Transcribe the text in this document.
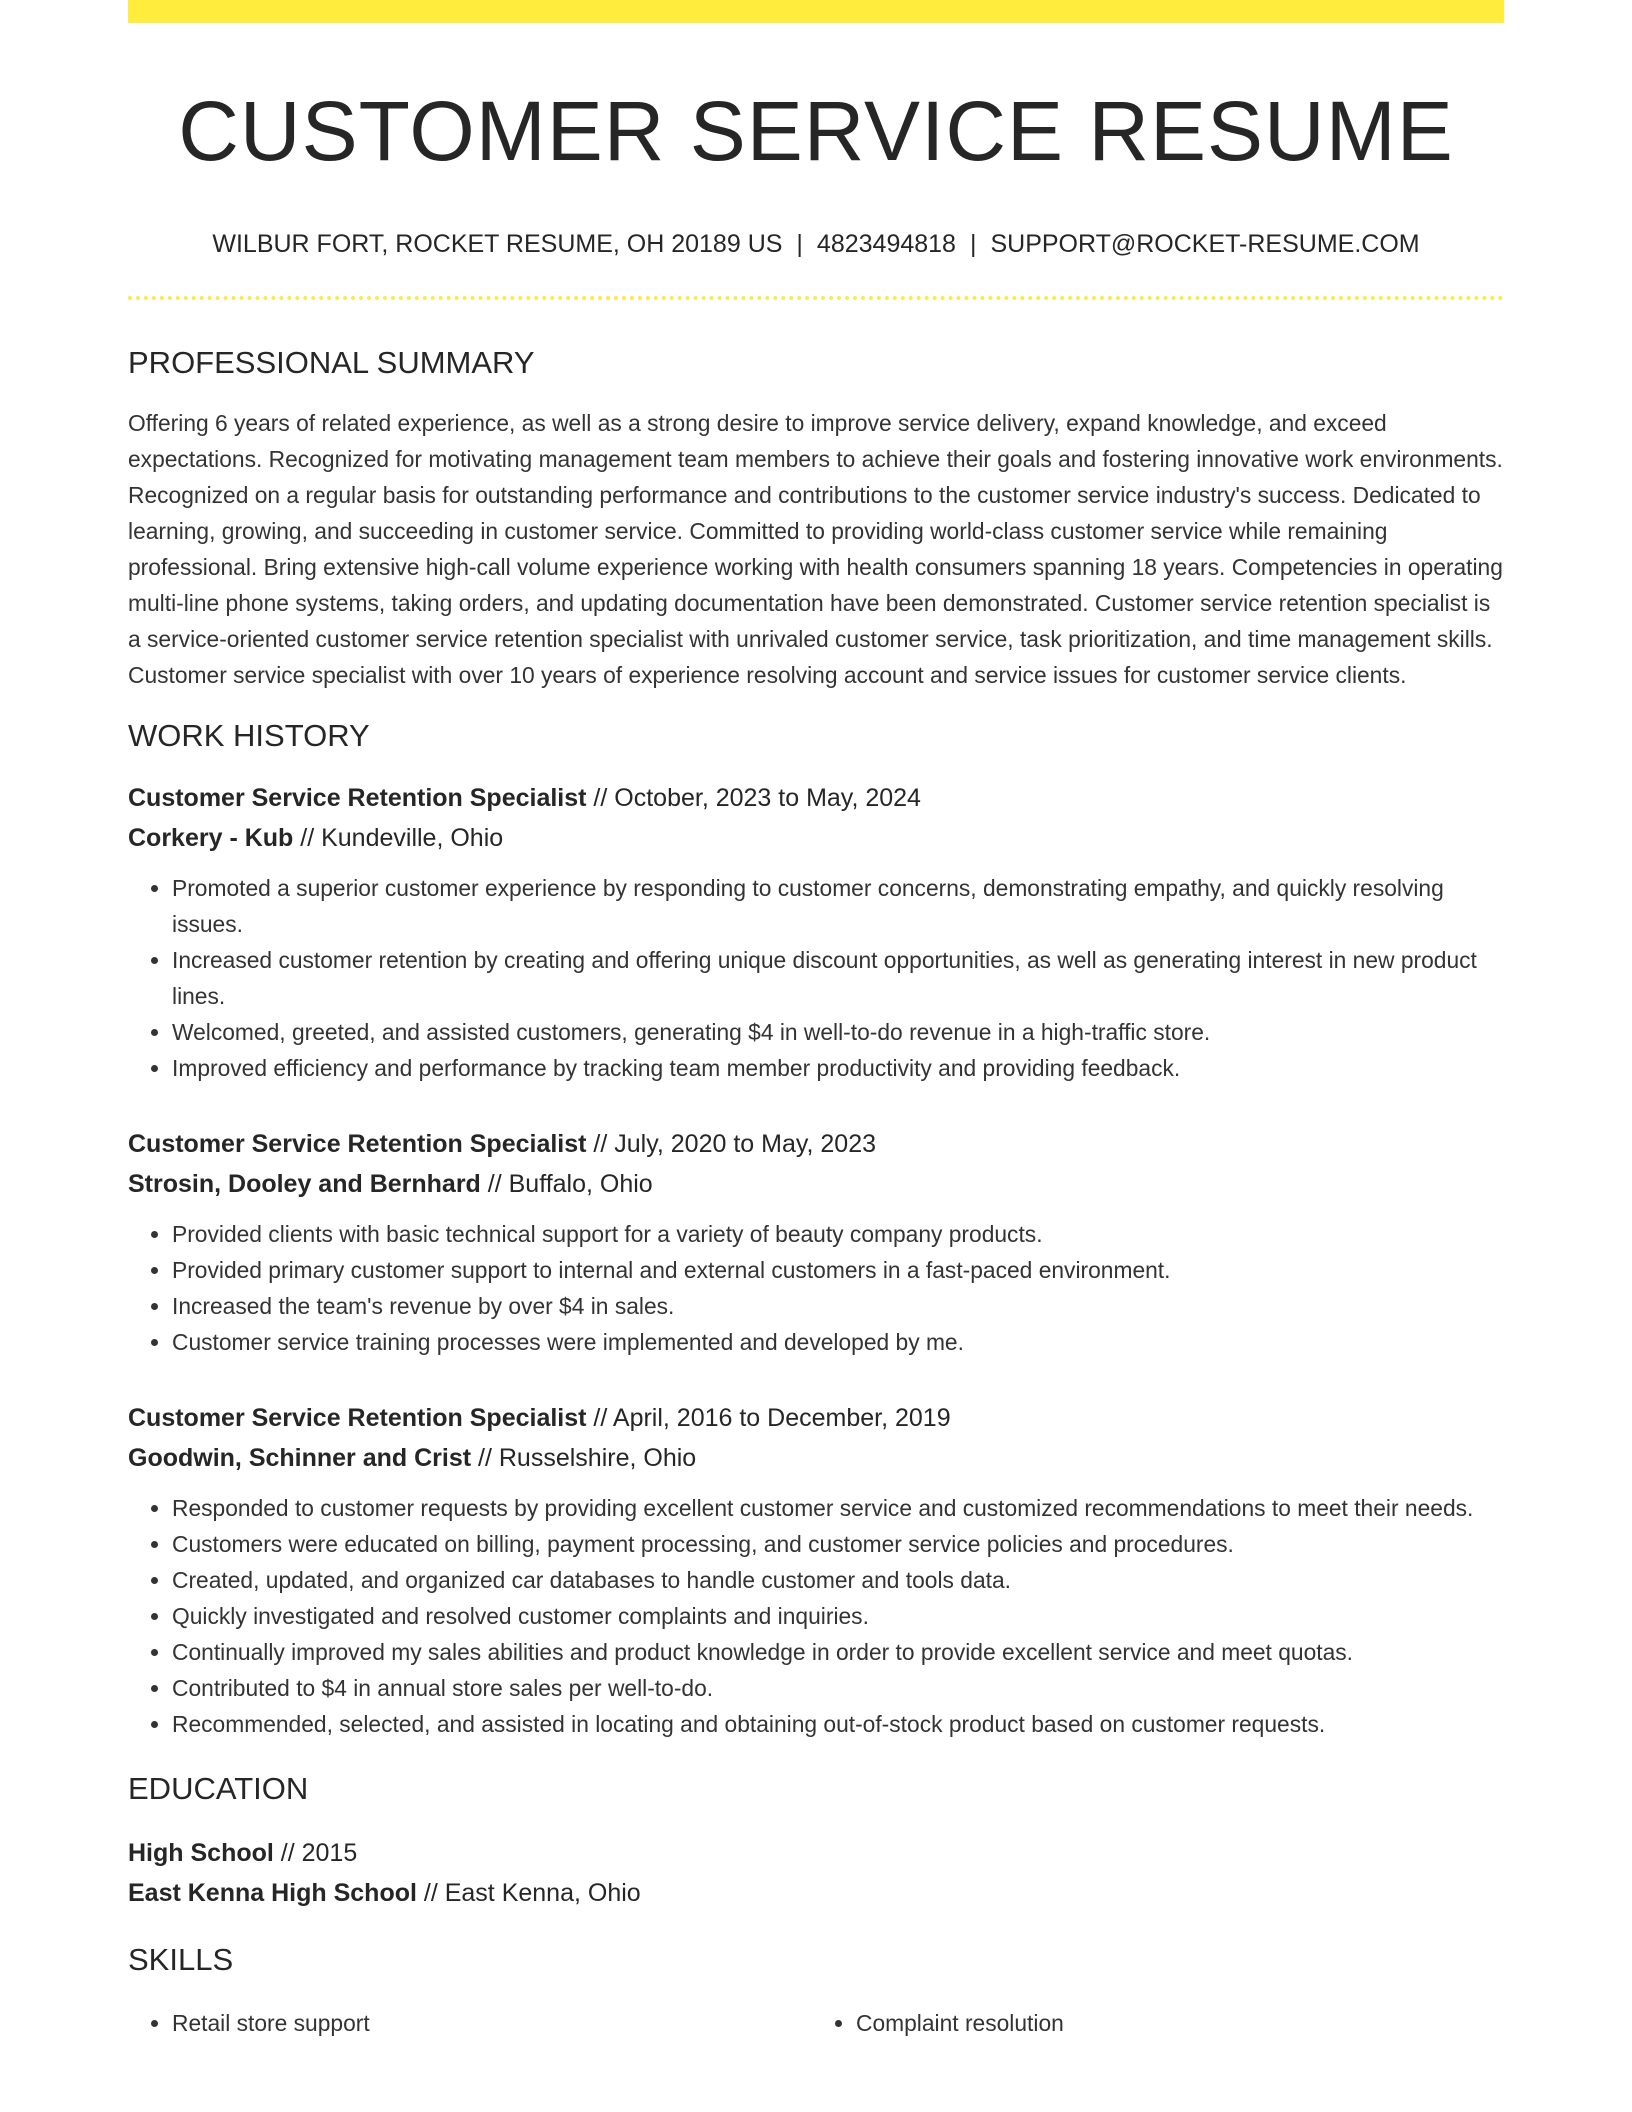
CUSTOMER SERVICE RESUME
WILBUR FORT, ROCKET RESUME, OH 20189 US | 4823494818 | SUPPORT@ROCKET-RESUME.COM
PROFESSIONAL SUMMARY
Offering 6 years of related experience, as well as a strong desire to improve service delivery, expand knowledge, and exceed expectations. Recognized for motivating management team members to achieve their goals and fostering innovative work environments. Recognized on a regular basis for outstanding performance and contributions to the customer service industry's success. Dedicated to learning, growing, and succeeding in customer service. Committed to providing world-class customer service while remaining professional. Bring extensive high-call volume experience working with health consumers spanning 18 years. Competencies in operating multi-line phone systems, taking orders, and updating documentation have been demonstrated. Customer service retention specialist is a service-oriented customer service retention specialist with unrivaled customer service, task prioritization, and time management skills. Customer service specialist with over 10 years of experience resolving account and service issues for customer service clients.
WORK HISTORY
Customer Service Retention Specialist // October, 2023 to May, 2024
Corkery - Kub // Kundeville, Ohio
• Promoted a superior customer experience by responding to customer concerns, demonstrating empathy, and quickly resolving issues.
• Increased customer retention by creating and offering unique discount opportunities, as well as generating interest in new product lines.
• Welcomed, greeted, and assisted customers, generating $4 in well-to-do revenue in a high-traffic store.
• Improved efficiency and performance by tracking team member productivity and providing feedback.
Customer Service Retention Specialist // July, 2020 to May, 2023
Strosin, Dooley and Bernhard // Buffalo, Ohio
• Provided clients with basic technical support for a variety of beauty company products.
• Provided primary customer support to internal and external customers in a fast-paced environment.
• Increased the team's revenue by over $4 in sales.
• Customer service training processes were implemented and developed by me.
Customer Service Retention Specialist // April, 2016 to December, 2019
Goodwin, Schinner and Crist // Russelshire, Ohio
• Responded to customer requests by providing excellent customer service and customized recommendations to meet their needs.
• Customers were educated on billing, payment processing, and customer service policies and procedures.
• Created, updated, and organized car databases to handle customer and tools data.
• Quickly investigated and resolved customer complaints and inquiries.
• Continually improved my sales abilities and product knowledge in order to provide excellent service and meet quotas.
• Contributed to $4 in annual store sales per well-to-do.
• Recommended, selected, and assisted in locating and obtaining out-of-stock product based on customer requests.
EDUCATION
High School // 2015
East Kenna High School // East Kenna, Ohio
SKILLS
• Retail store support
•	Complaint resolution
